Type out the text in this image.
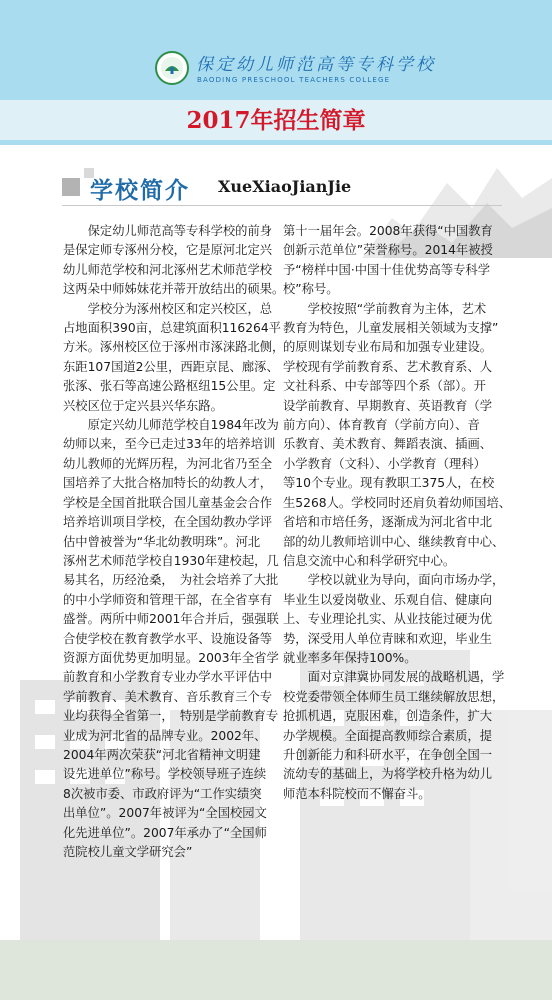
保定幼儿师范高等专科学校
BAODING PRESCHOOL TEACHERS COLLEGE
2017年招生简章
学校简介 XueXiaoJianJie

　　保定幼儿师范高等专科学校的前身

是保定师专涿州分校，它是原河北定兴

幼儿师范学校和河北涿州艺术师范学校

这两朵中师姊妹花并蒂开放结出的硕果。

　　学校分为涿州校区和定兴校区，总

占地面积390亩，总建筑面积116264平

方米。涿州校区位于涿州市涿涞路北侧，

东距107国道2公里，西距京昆、廊涿、

张涿、张石等高速公路枢纽15公里。定

兴校区位于定兴县兴华东路。

　　原定兴幼儿师范学校自1984年改为

幼师以来，至今已走过33年的培养培训

幼儿教师的光辉历程，为河北省乃至全

国培养了大批合格加特长的幼教人才，

学校是全国首批联合国儿童基金会合作

培养培训项目学校，在全国幼教办学评

估中曾被誉为“华北幼教明珠”。河北

涿州艺术师范学校自1930年建校起，几

易其名，历经沧桑，　为社会培养了大批

的中小学师资和管理干部，在全省享有

盛誉。两所中师2001年合并后，强强联

合使学校在教育教学水平、设施设备等

资源方面优势更加明显。2003年全省学

前教育和小学教育专业办学水平评估中

学前教育、美术教育、音乐教育三个专

业均获得全省第一，　特别是学前教育专

业成为河北省的品牌专业。2002年、

2004年两次荣获“河北省精神文明建

设先进单位”称号。学校领导班子连续

8次被市委、市政府评为“工作实绩突

出单位”。2007年被评为“全国校园文

化先进单位”。2007年承办了“全国师

范院校儿童文学研究会”

第十一届年会。2008年获得“中国教育

创新示范单位”荣誉称号。2014年被授

予“榜样中国·中国十佳优势高等专科学

校”称号。

　　学校按照“学前教育为主体，艺术

教育为特色，儿童发展相关领域为支撑”

的原则谋划专业布局和加强专业建设。

学校现有学前教育系、艺术教育系、人

文社科系、中专部等四个系（部）。开

设学前教育、早期教育、英语教育（学

前方向）、体育教育（学前方向）、音

乐教育、美术教育、舞蹈表演、插画、

小学教育（文科）、小学教育（理科）

等10个专业。现有教职工375人，在校

生5268人。学校同时还肩负着幼师国培、

省培和市培任务，逐渐成为河北省中北

部的幼儿教师培训中心、继续教育中心、

信息交流中心和科学研究中心。

　　学校以就业为导向，面向市场办学，

毕业生以爱岗敬业、乐观自信、健康向

上、专业理论扎实、从业技能过硬为优

势，深受用人单位青睐和欢迎，毕业生

就业率多年保持100%。

　　面对京津冀协同发展的战略机遇，学

校党委带领全体师生员工继续解放思想，

抢抓机遇，克服困难，创造条件，扩大

办学规模。全面提高教师综合素质，提

升创新能力和科研水平，在争创全国一

流幼专的基础上，为将学校升格为幼儿

师范本科院校而不懈奋斗。
